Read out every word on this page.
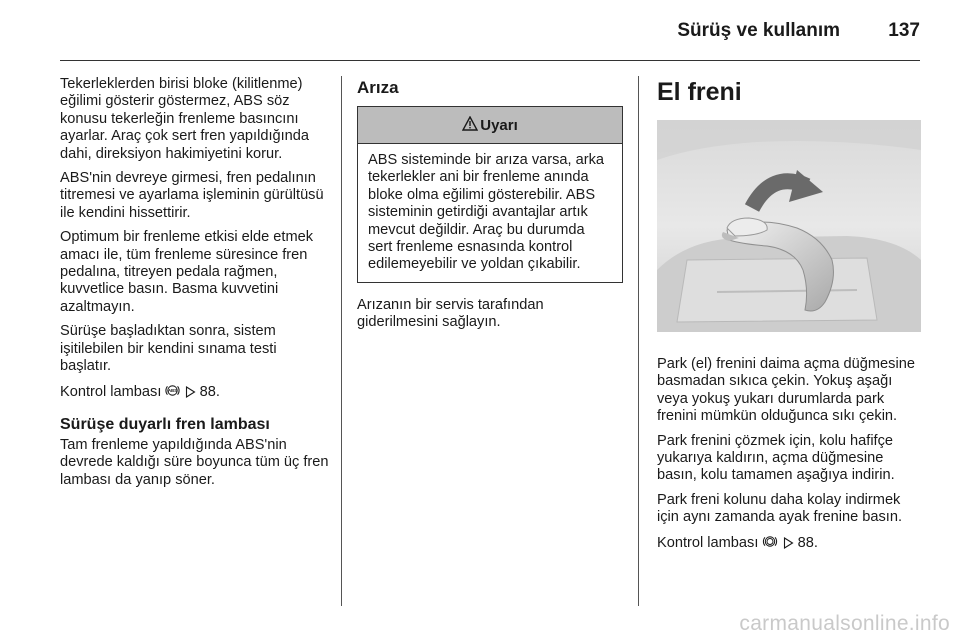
Sürüş ve kullanım	137

Tekerleklerden birisi bloke (kilitlenme) eğilimi gösterir göstermez, ABS söz konusu tekerleğin frenleme basıncını ayarlar. Araç çok sert fren yapıldığında dahi, direksiyon hakimiyetini korur.

ABS'nin devreye girmesi, fren pedalının titremesi ve ayarlama işleminin gürültüsü ile kendini hissettirir.

Optimum bir frenleme etkisi elde etmek amacı ile, tüm frenleme süresince fren pedalına, titreyen pedala rağmen, kuvvetlice basın. Basma kuvvetini azaltmayın.

Sürüşe başladıktan sonra, sistem işitilebilen bir kendini sınama testi başlatır.

Kontrol lambası ABS 88.

Sürüşe duyarlı fren lambası

Tam frenleme yapıldığında ABS'nin devrede kaldığı süre boyunca tüm üç fren lambası da yanıp söner.

Arıza
Uyarı

ABS sisteminde bir arıza varsa, arka tekerlekler ani bir frenleme anında bloke olma eğilimi gösterebilir. ABS sisteminin getirdiği avantajlar artık mevcut değildir. Araç bu durumda sert frenleme esnasında kontrol edilemeyebilir ve yoldan çıkabilir.

Arızanın bir servis tarafından giderilmesini sağlayın.

El freni

Park (el) frenini daima açma düğmesine basmadan sıkıca çekin. Yokuş aşağı veya yokuş yukarı durumlarda park frenini mümkün olduğunca sıkı çekin.

Park frenini çözmek için, kolu hafifçe yukarıya kaldırın, açma düğmesine basın, kolu tamamen aşağıya indirin.

Park freni kolunu daha kolay indirmek için aynı zamanda ayak frenine basın.

Kontrol lambası	88.

carmanualsonline.info
